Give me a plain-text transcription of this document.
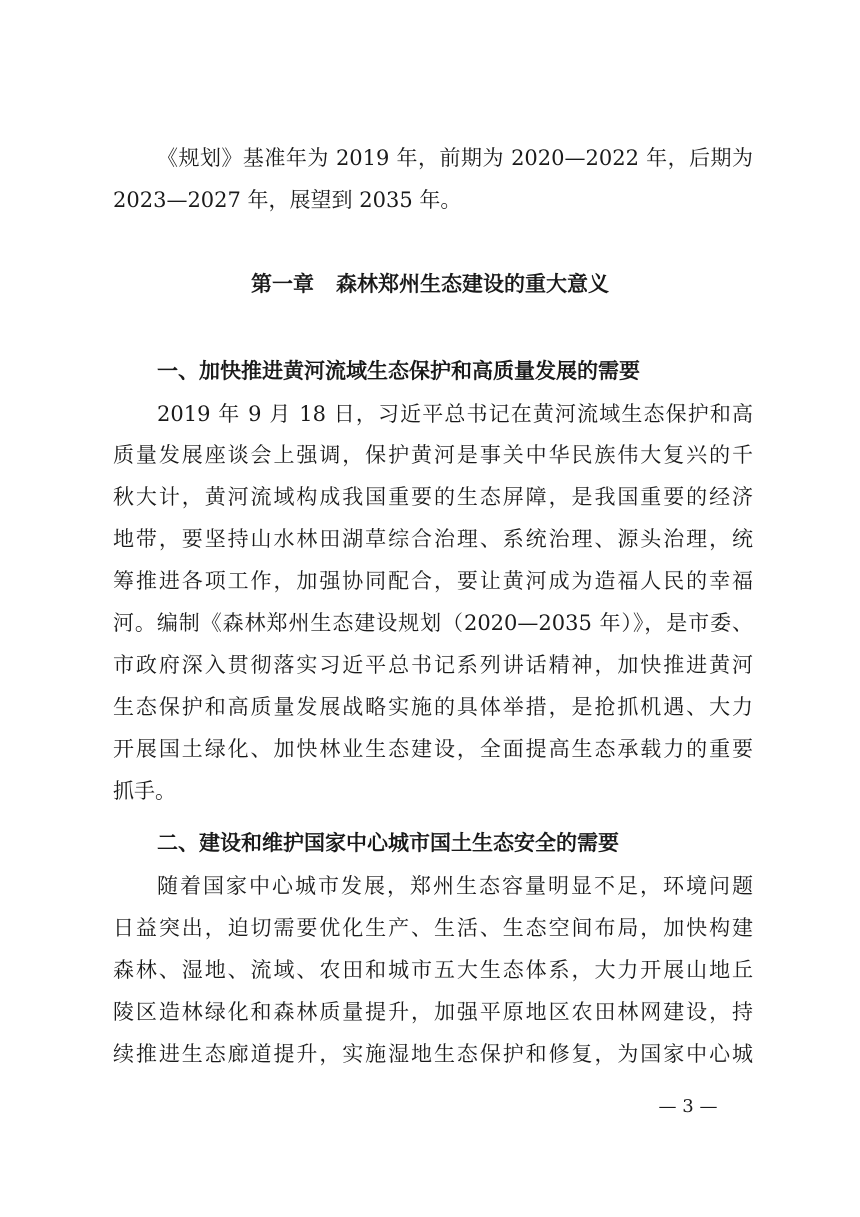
《规划》基准年为 2019 年，前期为 2020—2022 年，后期为
2023—2027 年，展望到 2035 年。
第一章 森林郑州生态建设的重大意义
一、加快推进黄河流域生态保护和高质量发展的需要
2019 年 9 月 18 日，习近平总书记在黄河流域生态保护和高
质量发展座谈会上强调，保护黄河是事关中华民族伟大复兴的千
秋大计，黄河流域构成我国重要的生态屏障，是我国重要的经济
地带，要坚持山水林田湖草综合治理、系统治理、源头治理，统
筹推进各项工作，加强协同配合，要让黄河成为造福人民的幸福
河。编制《森林郑州生态建设规划（2020—2035 年）》，是市委、
市政府深入贯彻落实习近平总书记系列讲话精神，加快推进黄河
生态保护和高质量发展战略实施的具体举措，是抢抓机遇、大力
开展国土绿化、加快林业生态建设，全面提高生态承载力的重要
抓手。
二、建设和维护国家中心城市国土生态安全的需要
随着国家中心城市发展，郑州生态容量明显不足，环境问题
日益突出，迫切需要优化生产、生活、生态空间布局，加快构建
森林、湿地、流域、农田和城市五大生态体系，大力开展山地丘
陵区造林绿化和森林质量提升，加强平原地区农田林网建设，持
续推进生态廊道提升，实施湿地生态保护和修复，为国家中心城
— 3 —
